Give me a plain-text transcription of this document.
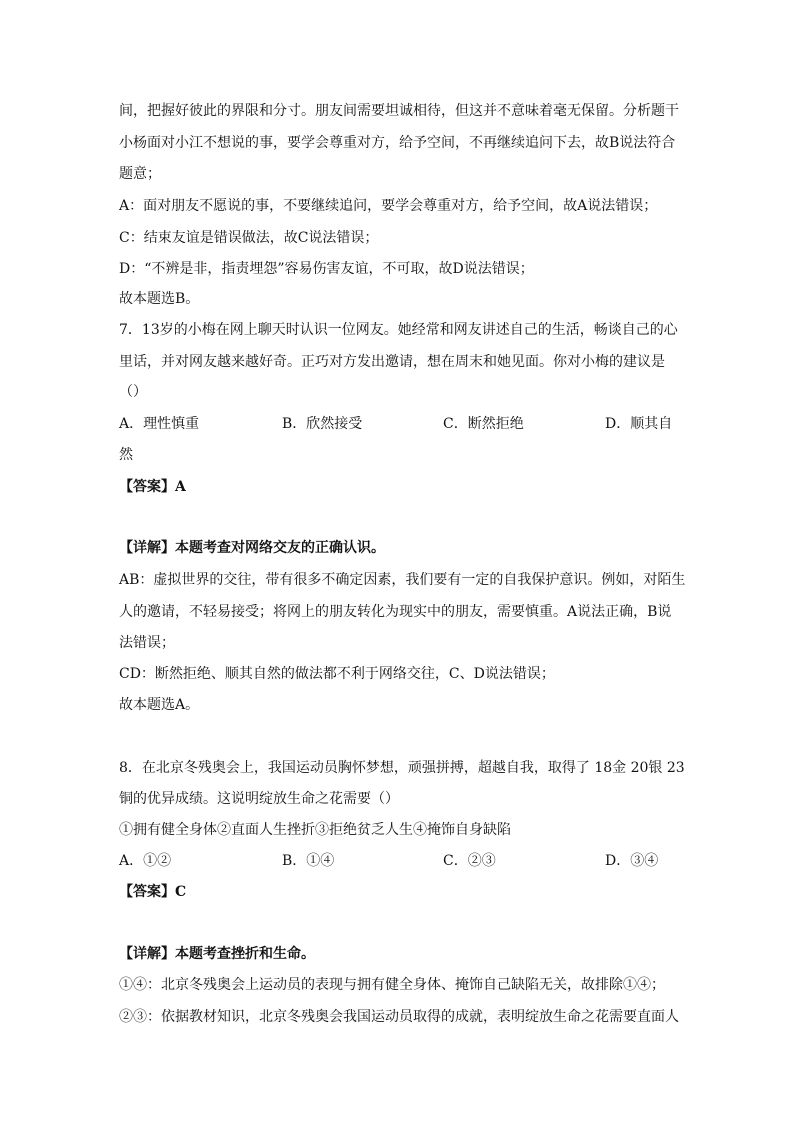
间，把握好彼此的界限和分寸。朋友间需要坦诚相待，但这并不意味着毫无保留。分析题干
小杨面对小江不想说的事，要学会尊重对方，给予空间，不再继续追问下去，故B说法符合
题意；
A：面对朋友不愿说的事，不要继续追问，要学会尊重对方，给予空间，故A说法错误；
C：结束友谊是错误做法，故C说法错误；
D：“不辨是非，指责埋怨”容易伤害友谊，不可取，故D说法错误；
故本题选B。
7．13岁的小梅在网上聊天时认识一位网友。她经常和网友讲述自己的生活，畅谈自己的心
里话，并对网友越来越好奇。正巧对方发出邀请，想在周末和她见面。你对小梅的建议是
（）
A．理性慎重	B．欣然接受	C．断然拒绝	D．顺其自
然
【答案】A
【详解】本题考查对网络交友的正确认识。
AB：虚拟世界的交往，带有很多不确定因素，我们要有一定的自我保护意识。例如，对陌生
人的邀请，不轻易接受；将网上的朋友转化为现实中的朋友，需要慎重。A说法正确，B说
法错误；
CD：断然拒绝、顺其自然的做法都不利于网络交往，C、D说法错误；
故本题选A。
8．在北京冬残奥会上，我国运动员胸怀梦想，顽强拼搏，超越自我，取得了 18金 20银 23
铜的优异成绩。这说明绽放生命之花需要（）
①拥有健全身体②直面人生挫折③拒绝贫乏人生④掩饰自身缺陷
A．①②	B．①④	C．②③	D．③④
【答案】C
【详解】本题考查挫折和生命。
①④：北京冬残奥会上运动员的表现与拥有健全身体、掩饰自己缺陷无关，故排除①④；
②③：依据教材知识，北京冬残奥会我国运动员取得的成就，表明绽放生命之花需要直面人
